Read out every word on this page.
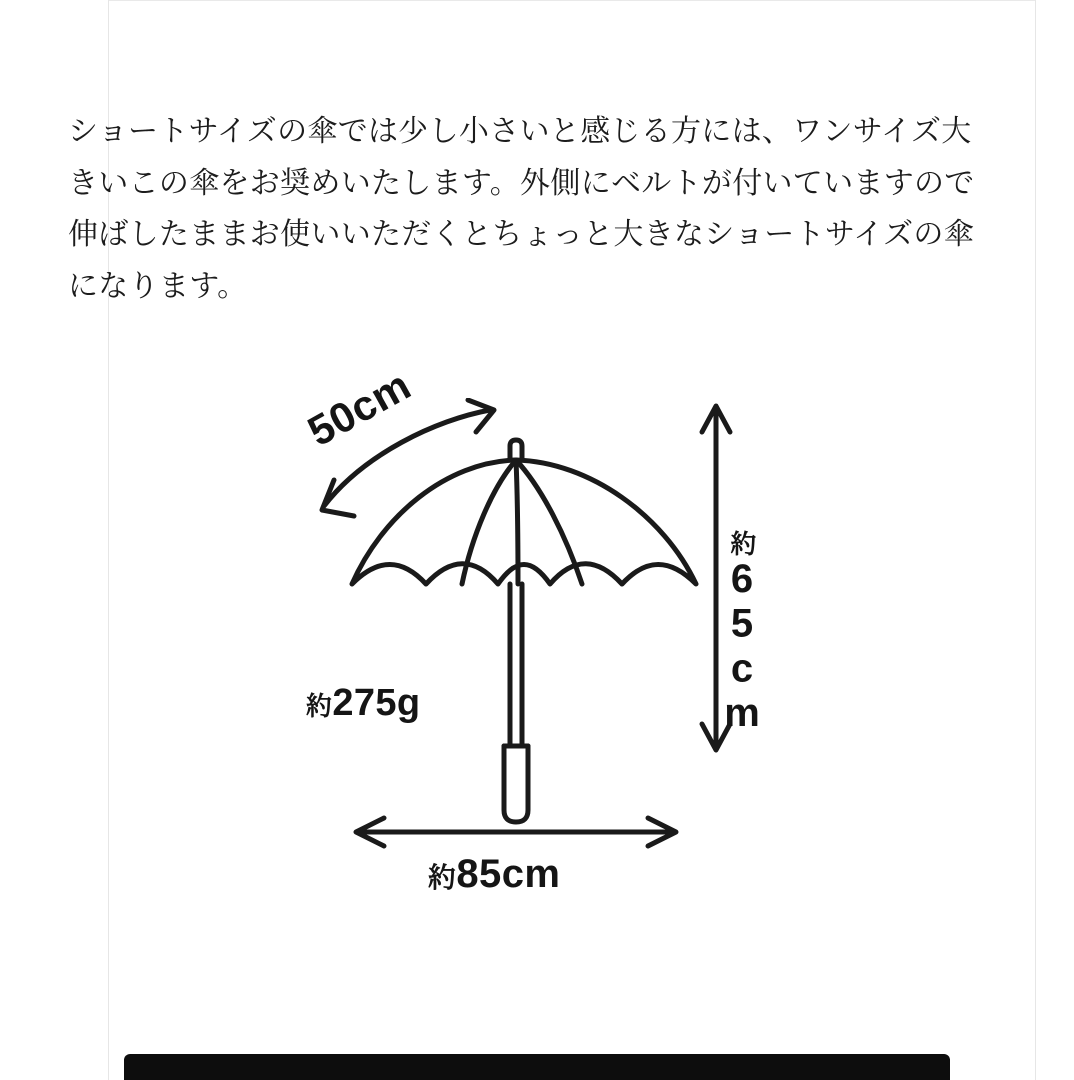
ショートサイズの傘では少し小さいと感じる方には、ワンサイズ大きいこの傘をお奨めいたします。外側にベルトが付いていますので伸ばしたままお使いいただくとちょっと大きなショートサイズの傘になります。

50cm
約65cm
約275g
約85cm
